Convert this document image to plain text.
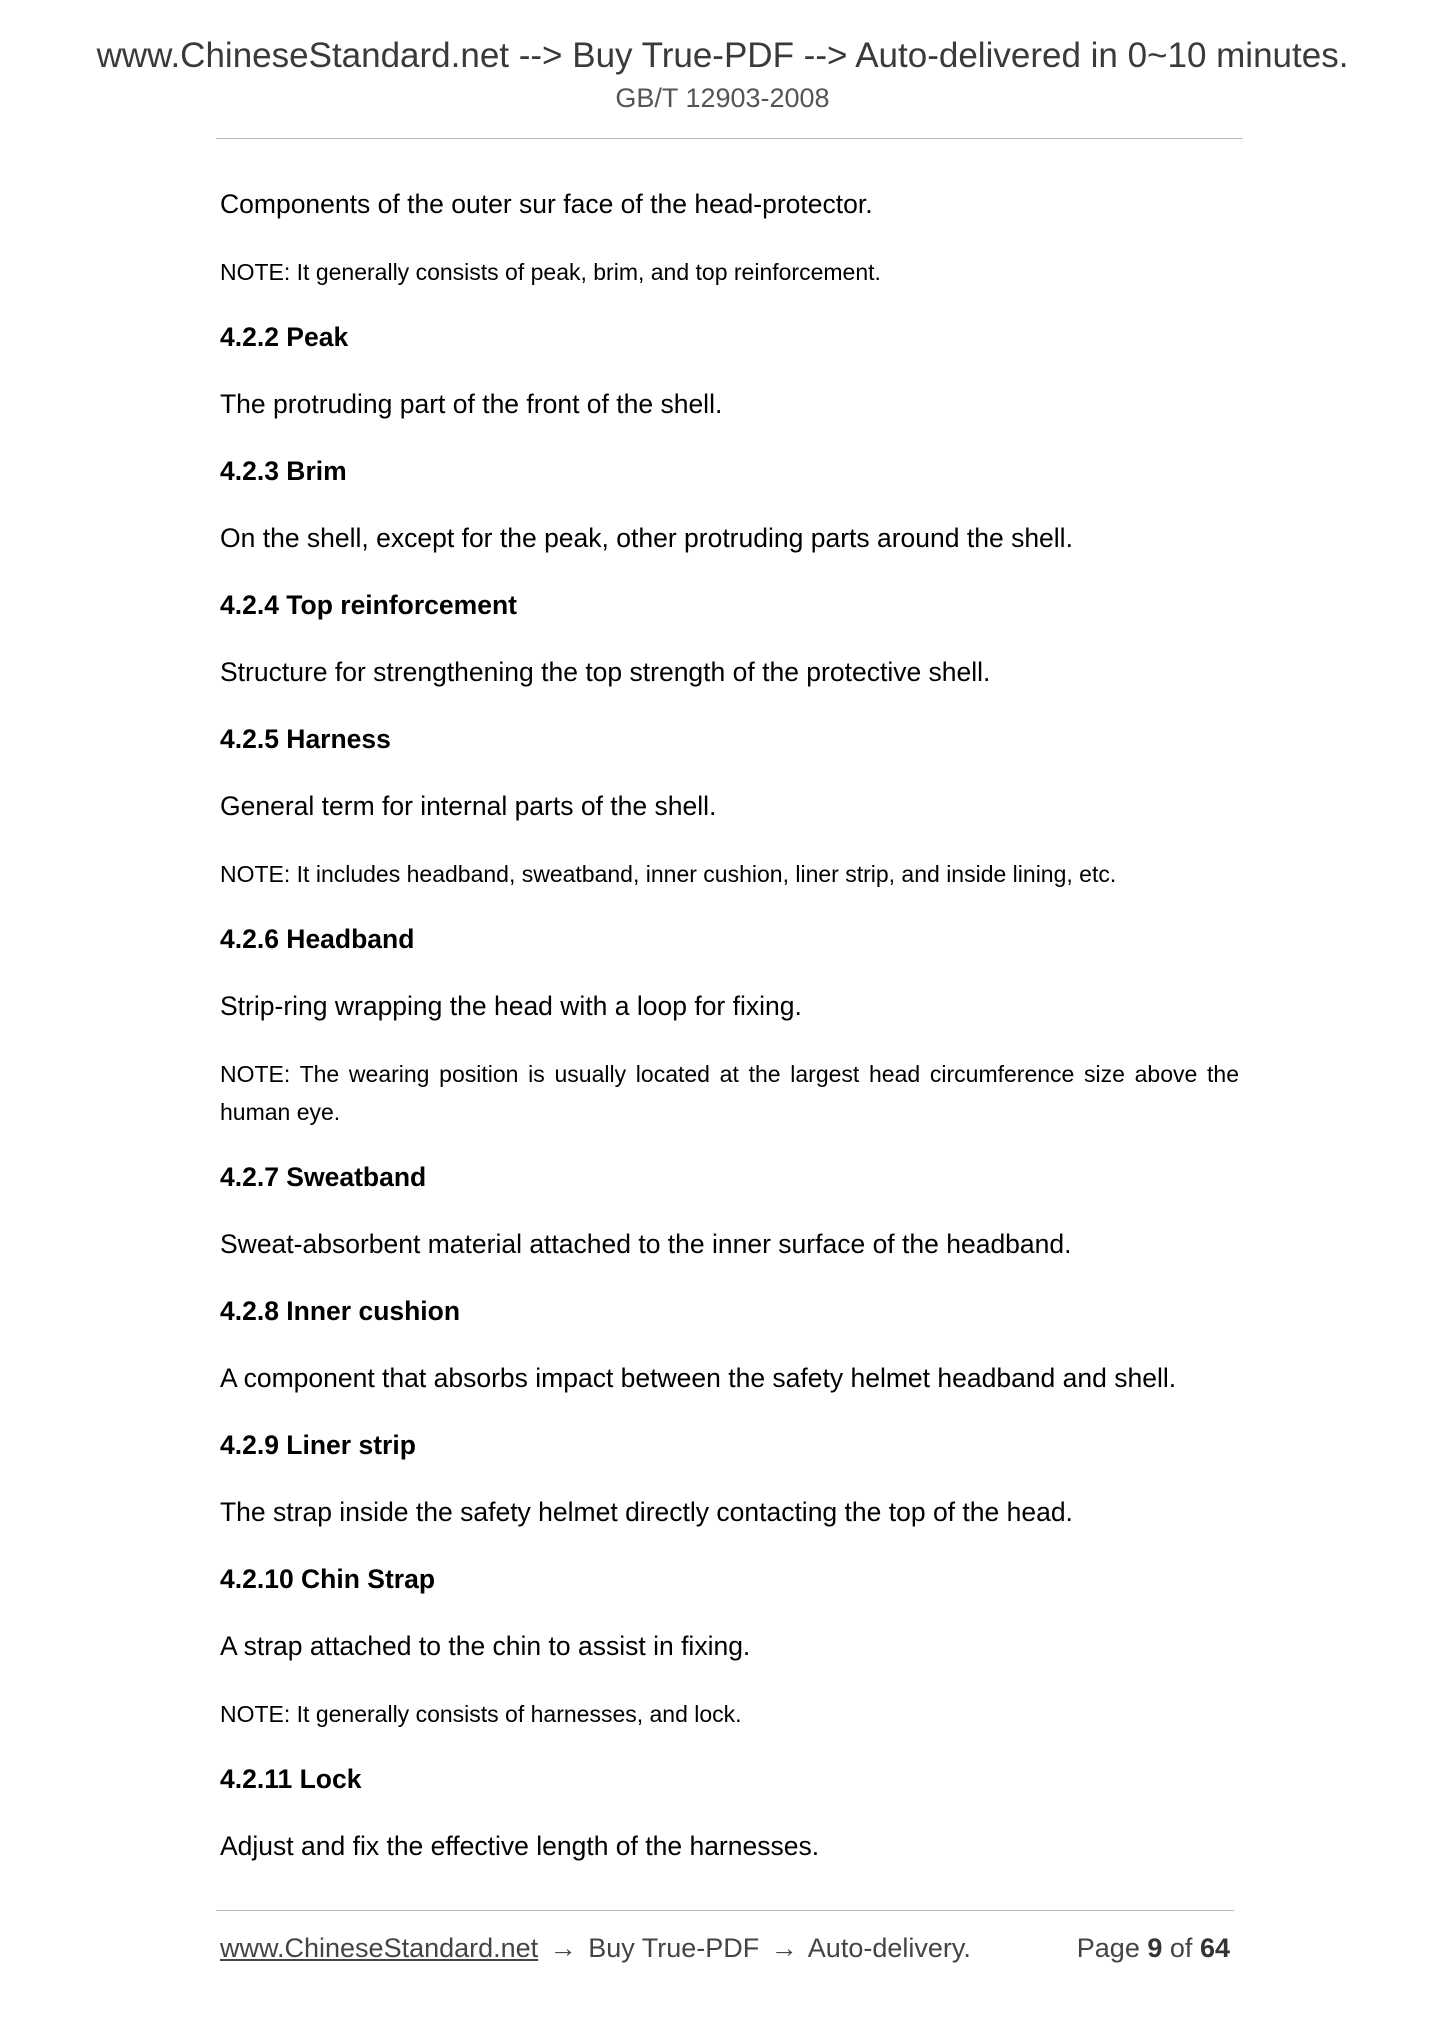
www.ChineseStandard.net --> Buy True-PDF --> Auto-delivered in 0~10 minutes.
GB/T 12903-2008

Components of the outer sur face of the head-protector.

NOTE: It generally consists of peak, brim, and top reinforcement.

4.2.2 Peak

The protruding part of the front of the shell.

4.2.3 Brim

On the shell, except for the peak, other protruding parts around the shell.

4.2.4 Top reinforcement

Structure for strengthening the top strength of the protective shell.

4.2.5 Harness

General term for internal parts of the shell.

NOTE: It includes headband, sweatband, inner cushion, liner strip, and inside lining, etc.

4.2.6 Headband

Strip-ring wrapping the head with a loop for fixing.

NOTE: The wearing position is usually located at the largest head circumference size above the human eye.

4.2.7 Sweatband

Sweat-absorbent material attached to the inner surface of the headband.

4.2.8 Inner cushion

A component that absorbs impact between the safety helmet headband and shell.

4.2.9 Liner strip

The strap inside the safety helmet directly contacting the top of the head.

4.2.10 Chin Strap

A strap attached to the chin to assist in fixing.

NOTE: It generally consists of harnesses, and lock.

4.2.11 Lock

Adjust and fix the effective length of the harnesses.

www.ChineseStandard.net → Buy True-PDF → Auto-delivery.	Page 9 of 64
